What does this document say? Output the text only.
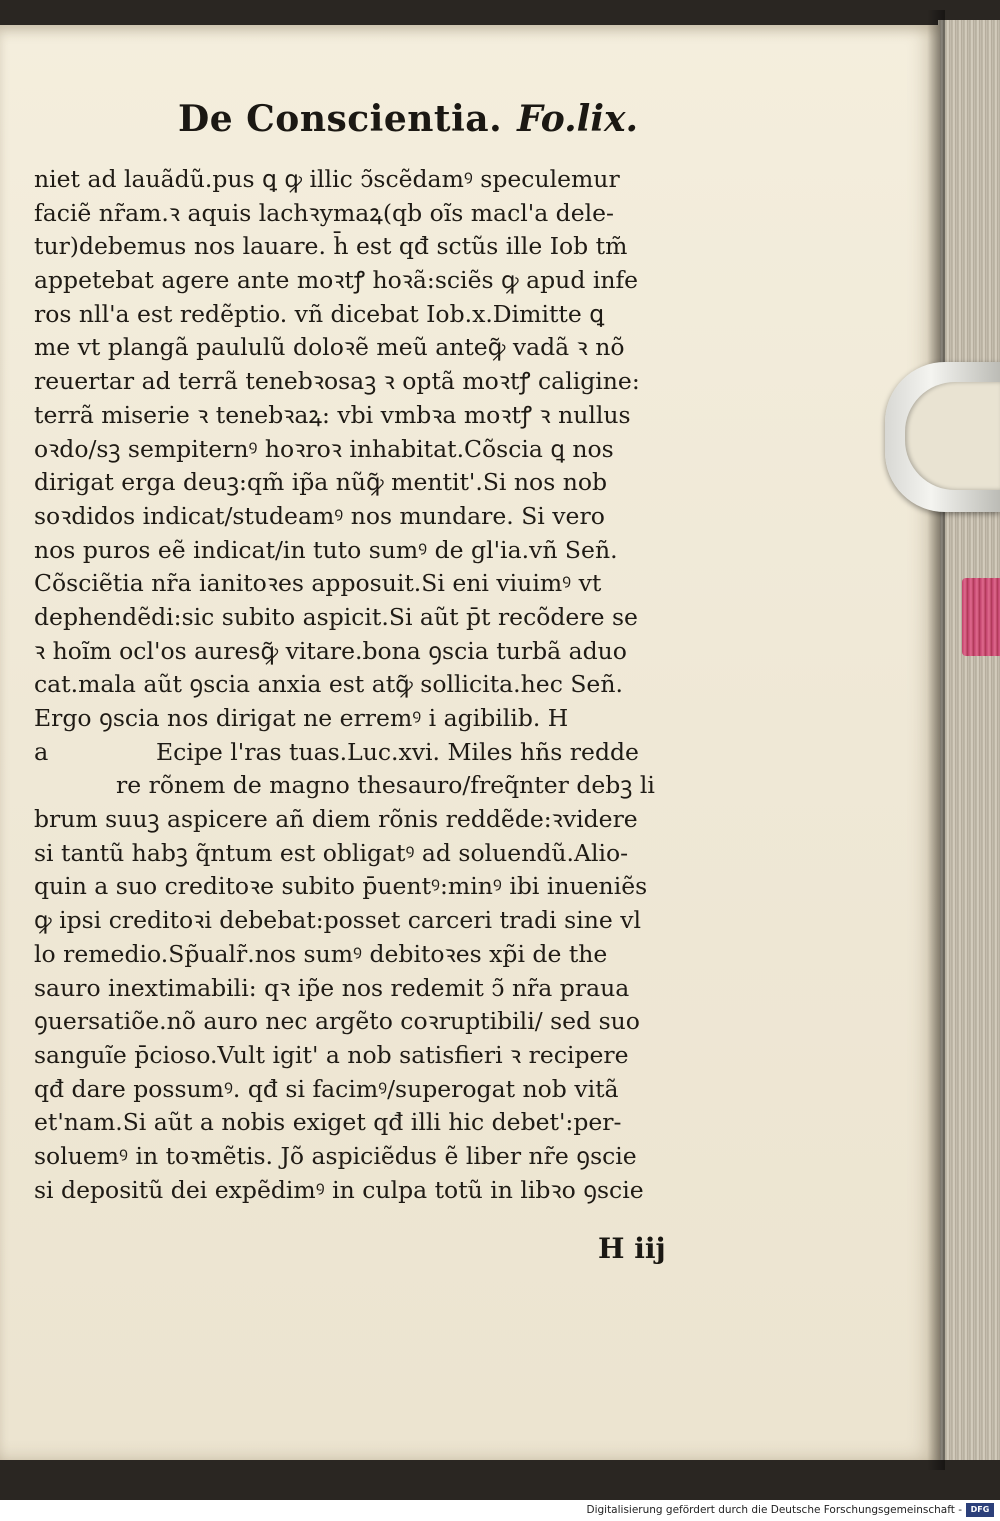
De Conscientia. Fo.lix.
niet ad lauãdũ.pus ꝗ ꝙ illic ↄ̃scẽdamꝰ speculemur
faciẽ nr̃am.ꝛ aquis lachꝛymaꝝ(qb oĩs macl'a dele-
tur)debemus nos lauare. h̄ est qđ sctũs ille Iob tm̃
appetebat agere ante moꝛtꝭ hoꝛã:sciẽs ꝙ apud infe
ros nll'a est redẽptio. vñ dicebat Iob.x.Dimitte ꝗ
me vt plangã paululũ doloꝛẽ meũ anteꝙ̃ vadã ꝛ nõ
reuertar ad terrã tenebꝛosaꝫ ꝛ optã moꝛtꝭ caligine:
terrã miserie ꝛ tenebꝛaꝝ: vbi vmbꝛa moꝛtꝭ ꝛ nullus
oꝛdo/sꝫ sempiternꝰ hoꝛroꝛ inhabitat.Cõscia ꝗ nos
dirigat erga deuꝫ:qm̃ ip̃a nũꝙ̃ mentit'.Si nos nob
soꝛdidos indicat/studeamꝰ nos mundare. Si vero
nos puros eẽ indicat/in tuto sumꝰ de gl'ia.vñ Señ.
Cõsciẽtia nr̃a ianitoꝛes apposuit.Si eni viuimꝰ vt
dephendẽdi:sic subito aspicit.Si aũt p̄t recõdere se
ꝛ hoĩm ocl'os auresꝙ̃ vitare.bona ꝯscia turbã aduo
cat.mala aũt ꝯscia anxia est atꝙ̃ sollicita.hec Señ.
Ergo ꝯscia nos dirigat ne erremꝰ i agibilib. H
a	Ecipe l'ras tuas.Luc.xvi. Miles hñs redde
re rõnem de magno thesauro/freq̃nter debꝫ li
brum suuꝫ aspicere añ diem rõnis reddẽde:ꝛvidere
si tantũ habꝫ q̃ntum est obligatꝰ ad soluendũ.Alio-
quin a suo creditoꝛe subito p̄uentꝰ:minꝰ ibi inueniẽs
ꝙ ipsi creditoꝛi debebat:posset carceri tradi sine vl
lo remedio.Sp̃ualr̃.nos sumꝰ debitoꝛes xp̃i de the
sauro inextimabili: qꝛ ip̃e nos redemit ↄ̃ nr̃a praua
ꝯuersatiõe.nõ auro nec argẽto coꝛruptibili/ sed suo
sanguĩe p̄cioso.Vult igit' a nob satisfieri ꝛ recipere
qđ dare possumꝰ. qđ si facimꝰ/superogat nob vitã
et'nam.Si aũt a nobis exiget qđ illi hic debet':per-
soluemꝰ in toꝛmẽtis. Jõ aspiciẽdus ẽ liber nr̃e ꝯscie
si depositũ dei expẽdimꝰ in culpa totũ in libꝛo ꝯscie
H iij
Digitalisierung gefördert durch die Deutsche Forschungsgemeinschaft -	DFG
